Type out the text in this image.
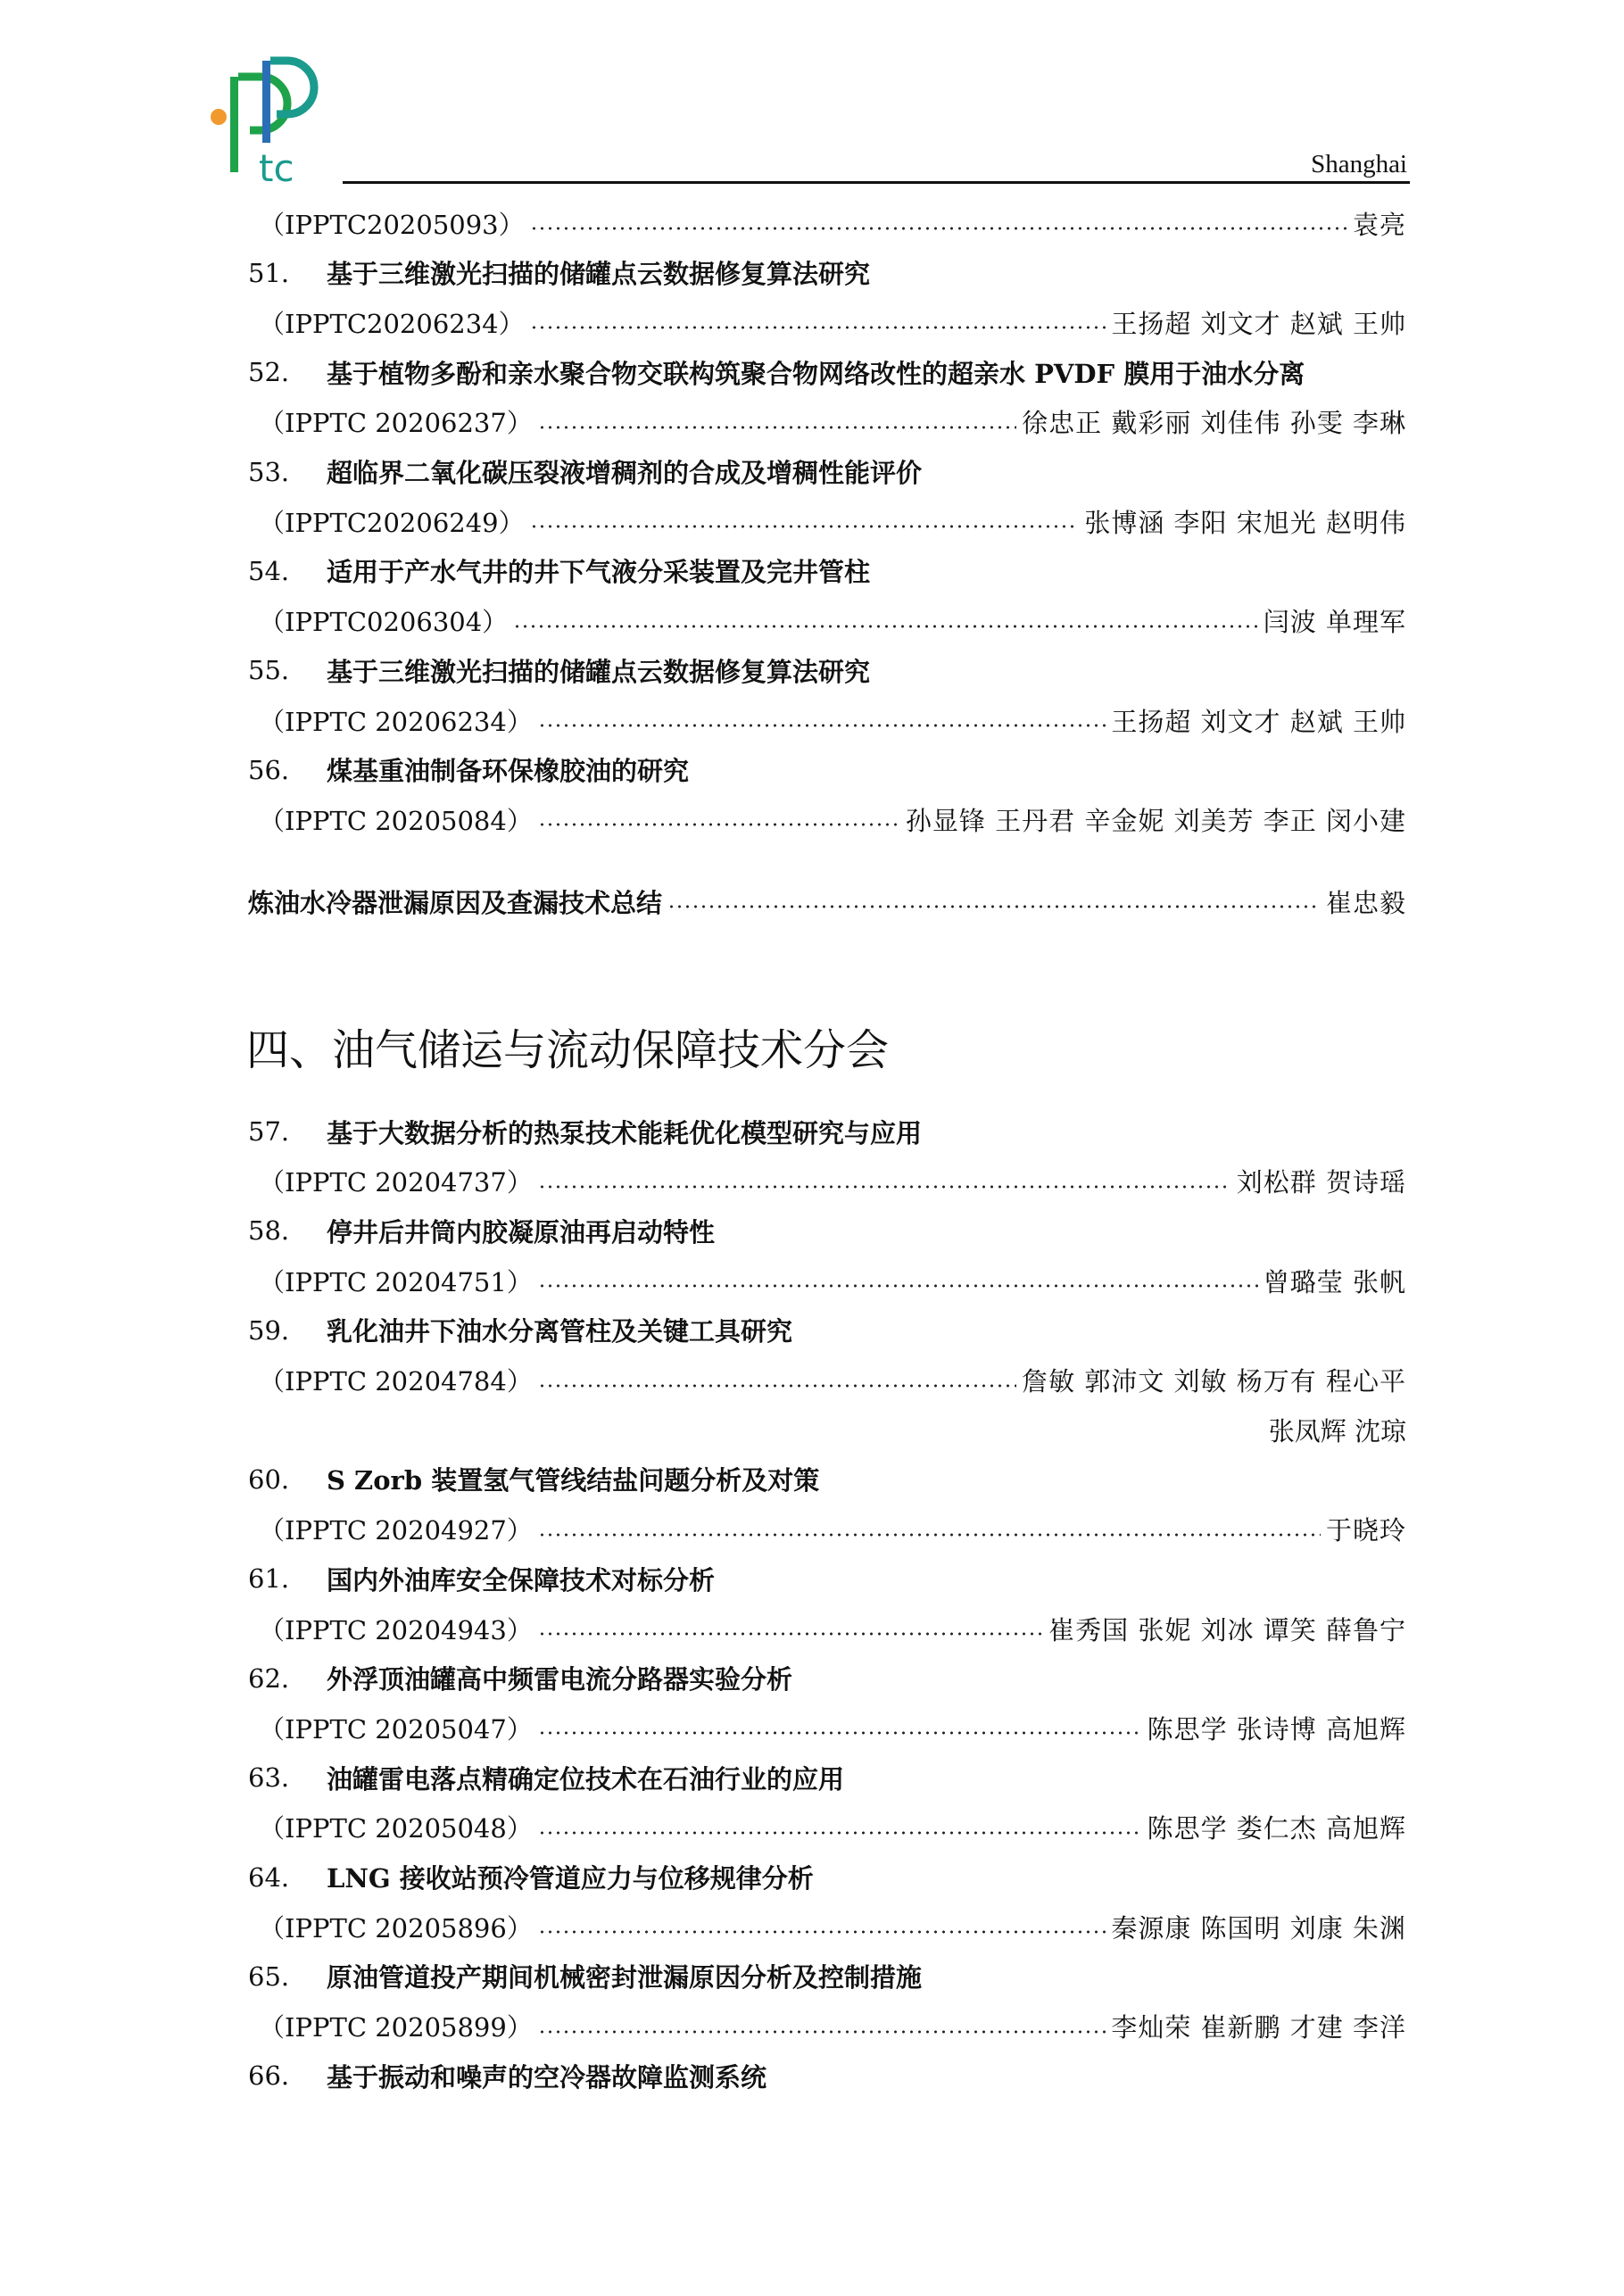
tc	Shanghai
四、油气储运与流动保障技术分会
（IPPTC20205093）	袁亮
51.	基于三维激光扫描的储罐点云数据修复算法研究
（IPPTC20206234）	王扬超 刘文才 赵斌 王帅
52.	基于植物多酚和亲水聚合物交联构筑聚合物网络改性的超亲水 PVDF 膜用于油水分离
（IPPTC 20206237）	徐忠正 戴彩丽 刘佳伟 孙雯 李琳
53.	超临界二氧化碳压裂液增稠剂的合成及增稠性能评价
（IPPTC20206249）	张博涵 李阳 宋旭光 赵明伟
54.	适用于产水气井的井下气液分采装置及完井管柱
（IPPTC0206304）	闫波 单理军
55.	基于三维激光扫描的储罐点云数据修复算法研究
（IPPTC 20206234）	王扬超 刘文才 赵斌 王帅
56.	煤基重油制备环保橡胶油的研究
（IPPTC 20205084）	孙显锋 王丹君 辛金妮 刘美芳 李正 闵小建
炼油水冷器泄漏原因及查漏技术总结	崔忠毅
57.	基于大数据分析的热泵技术能耗优化模型研究与应用
（IPPTC 20204737）	刘松群 贺诗瑶
58.	停井后井筒内胶凝原油再启动特性
（IPPTC 20204751）	曾璐莹 张帆
59.	乳化油井下油水分离管柱及关键工具研究
（IPPTC 20204784）	詹敏 郭沛文 刘敏 杨万有 程心平
张凤辉 沈琼
60.	S Zorb 装置氢气管线结盐问题分析及对策
（IPPTC 20204927）	于晓玲
61.	国内外油库安全保障技术对标分析
（IPPTC 20204943）	崔秀国 张妮 刘冰 谭笑 薛鲁宁
62.	外浮顶油罐高中频雷电流分路器实验分析
（IPPTC 20205047）	陈思学 张诗博 高旭辉
63.	油罐雷电落点精确定位技术在石油行业的应用
（IPPTC 20205048）	陈思学 娄仁杰 高旭辉
64.	LNG 接收站预冷管道应力与位移规律分析
（IPPTC 20205896）	秦源康 陈国明 刘康 朱渊
65.	原油管道投产期间机械密封泄漏原因分析及控制措施
（IPPTC 20205899）	李灿荣 崔新鹏 才建 李洋
66.	基于振动和噪声的空冷器故障监测系统
